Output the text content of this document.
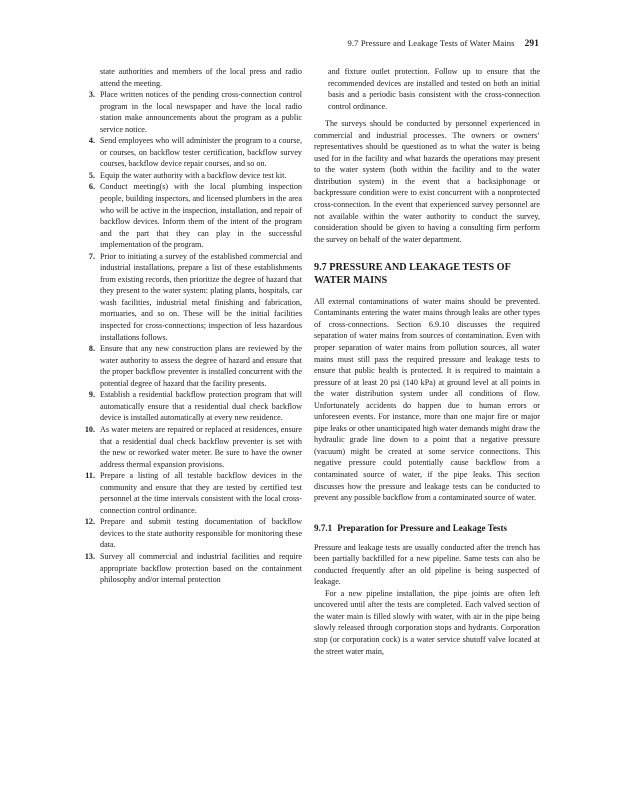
9.7 Pressure and Leakage Tests of Water Mains 291
state authorities and members of the local press and radio attend the meeting.
3. Place written notices of the pending cross-connection control program in the local newspaper and have the local radio station make announcements about the program as a public service notice.
4. Send employees who will administer the program to a course, or courses, on backflow tester certification, backflow survey courses, backflow device repair courses, and so on.
5. Equip the water authority with a backflow device test kit.
6. Conduct meeting(s) with the local plumbing inspection people, building inspectors, and licensed plumbers in the area who will be active in the inspection, installation, and repair of backflow devices. Inform them of the intent of the program and the part that they can play in the successful implementation of the program.
7. Prior to initiating a survey of the established commercial and industrial installations, prepare a list of these establishments from existing records, then prioritize the degree of hazard that they present to the water system: plating plants, hospitals, car wash facilities, industrial metal finishing and fabrication, mortuaries, and so on. These will be the initial facilities inspected for cross-connections; inspection of less hazardous installations follows.
8. Ensure that any new construction plans are reviewed by the water authority to assess the degree of hazard and ensure that the proper backflow preventer is installed concurrent with the potential degree of hazard that the facility presents.
9. Establish a residential backflow protection program that will automatically ensure that a residential dual check backflow device is installed automatically at every new residence.
10. As water meters are repaired or replaced at residences, ensure that a residential dual check backflow preventer is set with the new or reworked water meter. Be sure to have the owner address thermal expansion provisions.
11. Prepare a listing of all testable backflow devices in the community and ensure that they are tested by certified test personnel at the time intervals consistent with the local cross-connection control ordinance.
12. Prepare and submit testing documentation of backflow devices to the state authority responsible for monitoring these data.
13. Survey all commercial and industrial facilities and require appropriate backflow protection based on the containment philosophy and/or internal protection
and fixture outlet protection. Follow up to ensure that the recommended devices are installed and tested on both an initial basis and a periodic basis consistent with the cross-connection control ordinance.

The surveys should be conducted by personnel experienced in commercial and industrial processes. The owners or owners’ representatives should be questioned as to what the water is being used for in the facility and what hazards the operations may present to the water system (both within the facility and to the water distribution system) in the event that a backsiphonage or backpressure condition were to exist concurrent with a nonprotected cross-connection. In the event that experienced survey personnel are not available within the water authority to conduct the survey, consideration should be given to having a consulting firm perform the survey on behalf of the water department.

9.7 PRESSURE AND LEAKAGE TESTS OF WATER MAINS

All external contaminations of water mains should be prevented. Contaminants entering the water mains through leaks are other types of cross-connections. Section 6.9.10 discusses the required separation of water mains from sources of contamination. Even with proper separation of water mains from pollution sources, all water mains must still pass the required pressure and leakage tests to ensure that public health is protected. It is required to maintain a pressure of at least 20 psi (140 kPa) at ground level at all points in the water distribution system under all conditions of flow. Unfortunately accidents do happen due to human errors or unforeseen events. For instance, more than one major fire or major pipe leaks or other unanticipated high water demands might draw the hydraulic grade line down to a point that a negative pressure (vacuum) might be created at some service connections. This negative pressure could potentially cause backflow from a contaminated source of water, if the pipe leaks. This section discusses how the pressure and leakage tests can be conducted to prevent any possible backflow from a contaminated source of water.

9.7.1 Preparation for Pressure and Leakage Tests

Pressure and leakage tests are usually conducted after the trench has been partially backfilled for a new pipeline. Same tests can also be conducted frequently after an old pipeline is being suspected of leakage.

For a new pipeline installation, the pipe joints are often left uncovered until after the tests are completed. Each valved section of the water main is filled slowly with water, with air in the pipe being slowly released through corporation stops and hydrants. Corporation stop (or corporation cock) is a water service shutoff valve located at the street water main,
